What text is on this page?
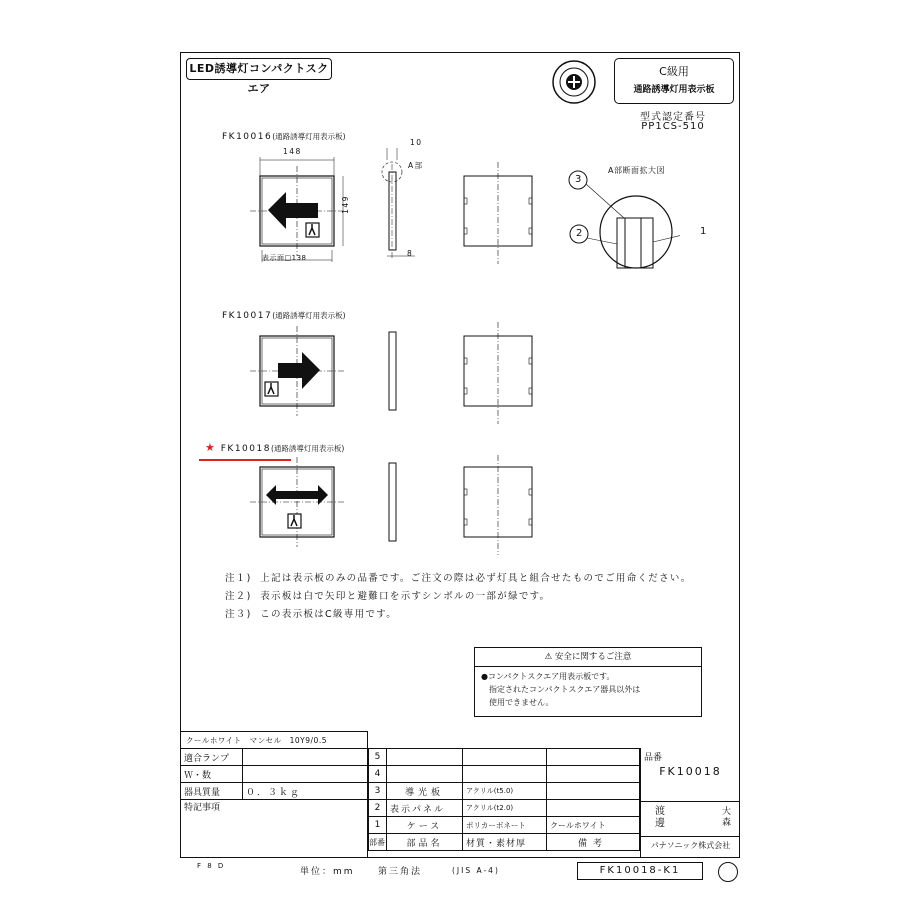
LED誘導灯コンパクトスクエア
C級用
通路誘導灯用表示板
型式認定番号
PP1CS-510
FK10016(通路誘導灯用表示板)
FK10017(通路誘導灯用表示板)
★ FK10018(通路誘導灯用表示板)
148
149
表示面□138
10
A部
8
A部断面拡大図
3
2	1
注１) 上記は表示板のみの品番です。ご注文の際は必ず灯具と組合せたものでご用命ください。
注２) 表示板は白で矢印と避難口を示すシンボルの一部が緑です。
注３) この表示板はC級専用です。
⚠ 安全に関するご注意
●コンパクトスクエア用表示板です。
指定されたコンパクトスクエア器具以外は
使用できません。
クールホワイト　マンセル　10Y9/0.5
適合ランプ	
Ｗ・数	
器具質量	０．３ｋｇ
特記事項	
5			
4			
3	導光板	アクリル(t5.0)	
2	表示パネル	アクリル(t2.0)	
1	ケース	ポリカーボネート	クールホワイト
部番	部品名	材質・素材厚	備考
品番
FK10018
渡邊
大森
パナソニック株式会社
F 8 D
単位：mm	第三角法	(JIS A-4)	FK10018-K1
